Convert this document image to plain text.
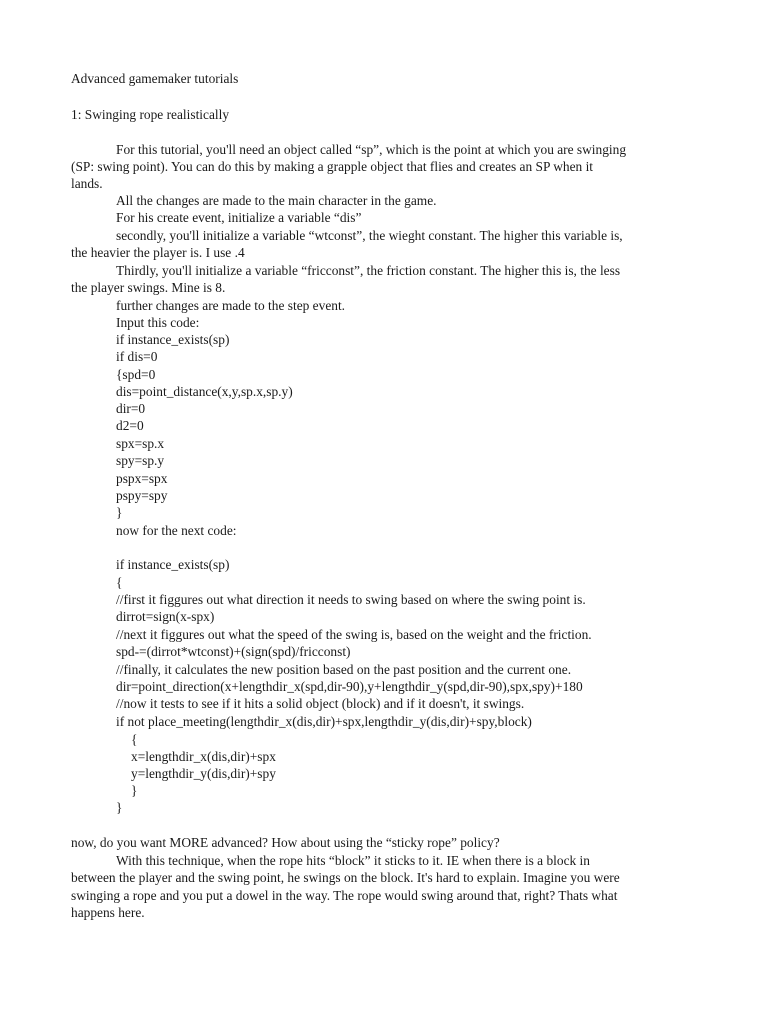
Advanced gamemaker tutorials
1: Swinging rope realistically
For this tutorial, you'll need an object called “sp”, which is the point at which you are swinging
(SP: swing point). You can do this by making a grapple object that flies and creates an SP when it
lands.
All the changes are made to the main character in the game.
For his create event, initialize a variable “dis”
secondly, you'll initialize a variable “wtconst”, the wieght constant. The higher this variable is,
the heavier the player is. I use .4
Thirdly, you'll initialize a variable “fricconst”, the friction constant. The higher this is, the less
the player swings. Mine is 8.
further changes are made to the step event.
Input this code:
if instance_exists(sp)
if dis=0
{spd=0
dis=point_distance(x,y,sp.x,sp.y)
dir=0
d2=0
spx=sp.x
spy=sp.y
pspx=spx
pspy=spy
}
now for the next code:
if instance_exists(sp)
{
//first it figgures out what direction it needs to swing based on where the swing point is.
dirrot=sign(x-spx)
//next it figgures out what the speed of the swing is, based on the weight and the friction.
spd-=(dirrot*wtconst)+(sign(spd)/fricconst)
//finally, it calculates the new position based on the past position and the current one.
dir=point_direction(x+lengthdir_x(spd,dir-90),y+lengthdir_y(spd,dir-90),spx,spy)+180
//now it tests to see if it hits a solid object (block) and if it doesn't, it swings.
if not place_meeting(lengthdir_x(dis,dir)+spx,lengthdir_y(dis,dir)+spy,block)
{
x=lengthdir_x(dis,dir)+spx
y=lengthdir_y(dis,dir)+spy
}
}
now, do you want MORE advanced? How about using the “sticky rope” policy?
With this technique, when the rope hits “block” it sticks to it. IE when there is a block in
between the player and the swing point, he swings on the block. It's hard to explain. Imagine you were
swinging a rope and you put a dowel in the way. The rope would swing around that, right? Thats what
happens here.
